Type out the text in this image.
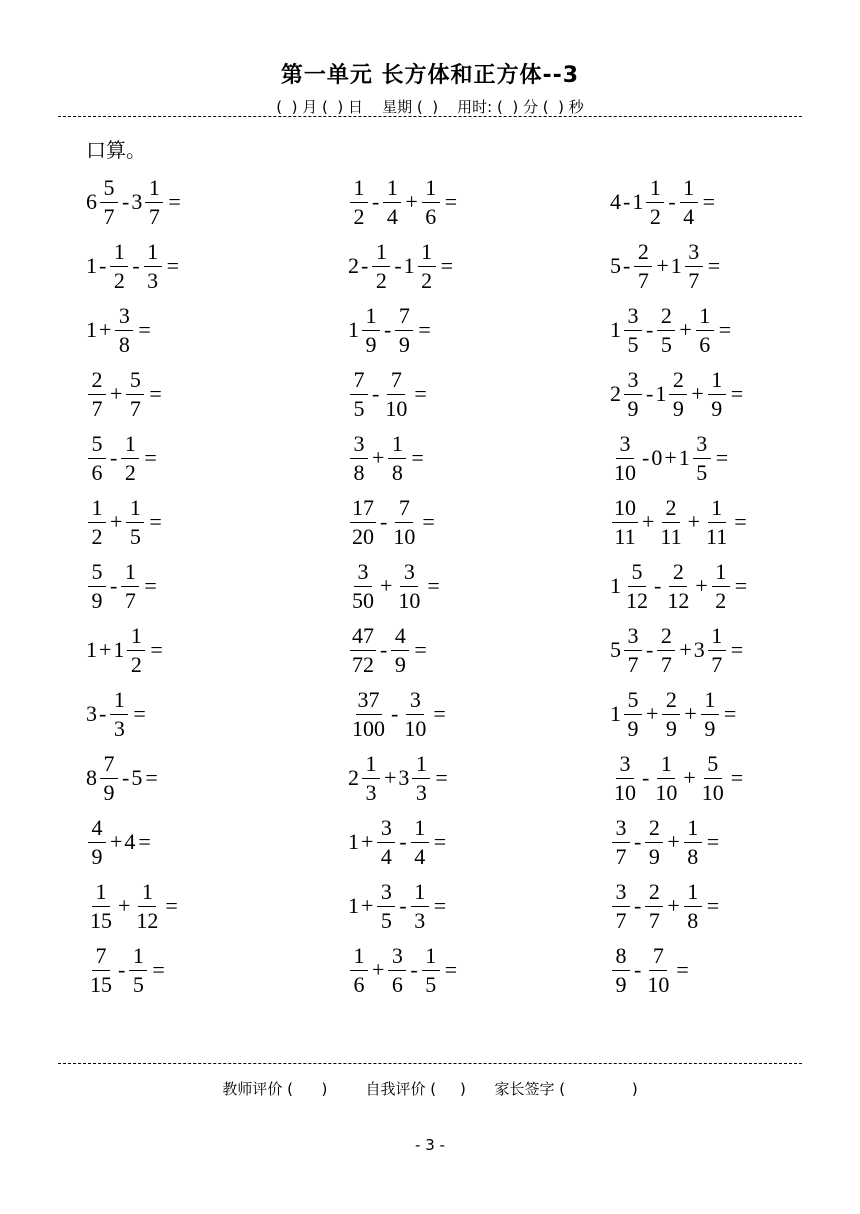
第一单元 长方体和正方体--3
(  ) 月 (  ) 日    星期 (  )    用时: (  ) 分 (  ) 秒
口算。
$6 \frac{5}{7} - 3 \frac{1}{7}$ =
$1 - \frac{1}{2} - \frac{1}{3}$ =
$1 + \frac{3}{8}$ =
$\frac{2}{7} + \frac{5}{7}$ =
$\frac{5}{6} - \frac{1}{2}$ =
$\frac{1}{2} + \frac{1}{5}$ =
$\frac{5}{9} - \frac{1}{7}$ =
$1 + 1 \frac{1}{2}$ =
$3 - \frac{1}{3}$ =
$8 \frac{7}{9} - 5$ =
$\frac{4}{9} + 4$ =
$\frac{1}{15} + \frac{1}{12}$ =
$\frac{7}{15} - \frac{1}{5}$ =
$\frac{1}{2} - \frac{1}{4} + \frac{1}{6}$ =
$2 - \frac{1}{2} - 1 \frac{1}{2}$ =
$1 \frac{1}{9} - \frac{7}{9}$ =
$\frac{7}{5} - \frac{7}{10}$ =
$\frac{3}{8} + \frac{1}{8}$ =
$\frac{17}{20} - \frac{7}{10}$ =
$\frac{3}{50} + \frac{3}{10}$ =
$\frac{47}{72} - \frac{4}{9}$ =
$\frac{37}{100} - \frac{3}{10}$ =
$2 \frac{1}{3} + 3 \frac{1}{3}$ =
$1 + \frac{3}{4} - \frac{1}{4}$ =
$1 + \frac{3}{5} - \frac{1}{3}$ =
$\frac{1}{6} + \frac{3}{6} - \frac{1}{5}$ =
$4 - 1 \frac{1}{2} - \frac{1}{4}$ =
$5 - \frac{2}{7} + 1 \frac{3}{7}$ =
$1 \frac{3}{5} - \frac{2}{5} + \frac{1}{6}$ =
$2 \frac{3}{9} - 1 \frac{2}{9} + \frac{1}{9}$ =
$\frac{3}{10} - 0 + 1 \frac{3}{5}$ =
$\frac{10}{11} + \frac{2}{11} + \frac{1}{11}$ =
$1 \frac{5}{12} - \frac{2}{12} + \frac{1}{2}$ =
$5 \frac{3}{7} - \frac{2}{7} + 3 \frac{1}{7}$ =
$1 \frac{5}{9} + \frac{2}{9} + \frac{1}{9}$ =
$\frac{3}{10} - \frac{1}{10} + \frac{5}{10}$ =
$\frac{3}{7} - \frac{2}{9} + \frac{1}{8}$ =
$\frac{3}{7} - \frac{2}{7} + \frac{1}{8}$ =
$\frac{8}{9} - \frac{7}{10}$ =
教师评价 (      )        自我评价 (     )      家长签字 (              )
- 3 -
